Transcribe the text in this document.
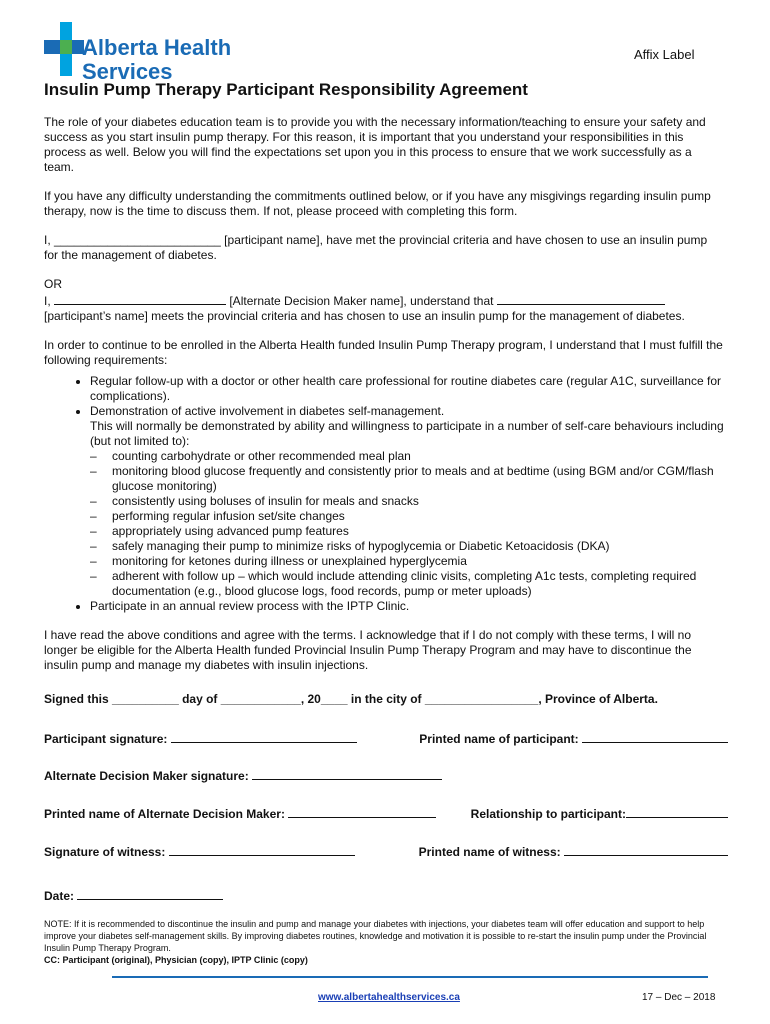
Alberta Health
Services
Affix Label
Insulin Pump Therapy Participant Responsibility Agreement

The role of your diabetes education team is to provide you with the necessary information/teaching to ensure your safety and success as you start insulin pump therapy. For this reason, it is important that you understand your responsibilities in this process as well. Below you will find the expectations set upon you in this process to ensure that we work successfully as a team.

If you have any difficulty understanding the commitments outlined below, or if you have any misgivings regarding insulin pump therapy, now is the time to discuss them. If not, please proceed with completing this form.

I, _________________________ [participant name], have met the provincial criteria and have chosen to use an insulin pump for the management of diabetes.

OR

I,	[Alternate Decision Maker name], understand that
[participant’s name] meets the provincial criteria and has chosen to use an insulin pump for the management of diabetes.

In order to continue to be enrolled in the Alberta Health funded Insulin Pump Therapy program, I understand that I must fulfill the following requirements:

• Regular follow-up with a doctor or other health care professional for routine diabetes care (regular A1C, surveillance for complications).
• Demonstration of active involvement in diabetes self-management.
This will normally be demonstrated by ability and willingness to participate in a number of self-care behaviours including (but not limited to):
– counting carbohydrate or other recommended meal plan
– monitoring blood glucose frequently and consistently prior to meals and at bedtime (using BGM and/or CGM/flash glucose monitoring)
– consistently using boluses of insulin for meals and snacks
– performing regular infusion set/site changes
– appropriately using advanced pump features
– safely managing their pump to minimize risks of hypoglycemia or Diabetic Ketoacidosis (DKA)
– monitoring for ketones during illness or unexplained hyperglycemia
– adherent with follow up – which would include attending clinic visits, completing A1c tests, completing required documentation (e.g., blood glucose logs, food records, pump or meter uploads)
• Participate in an annual review process with the IPTP Clinic.

I have read the above conditions and agree with the terms. I acknowledge that if I do not comply with these terms, I will no longer be eligible for the Alberta Health funded Provincial Insulin Pump Therapy Program and may have to discontinue the insulin pump and manage my diabetes with insulin injections.

Signed this __________ day of ____________, 20____ in the city of _________________, Province of Alberta.
Participant signature:	Printed name of participant:
Alternate Decision Maker signature:
Printed name of Alternate Decision Maker:	Relationship to participant:
Signature of witness:	Printed name of witness:
Date:
NOTE: If it is recommended to discontinue the insulin and pump and manage your diabetes with injections, your diabetes team will offer education and support to help improve your diabetes self-management skills. By improving diabetes routines, knowledge and motivation it is possible to re-start the insulin pump under the Provincial Insulin Pump Therapy Program.
CC: Participant (original), Physician (copy), IPTP Clinic (copy)
www.albertahealthservices.ca	17 – Dec – 2018
